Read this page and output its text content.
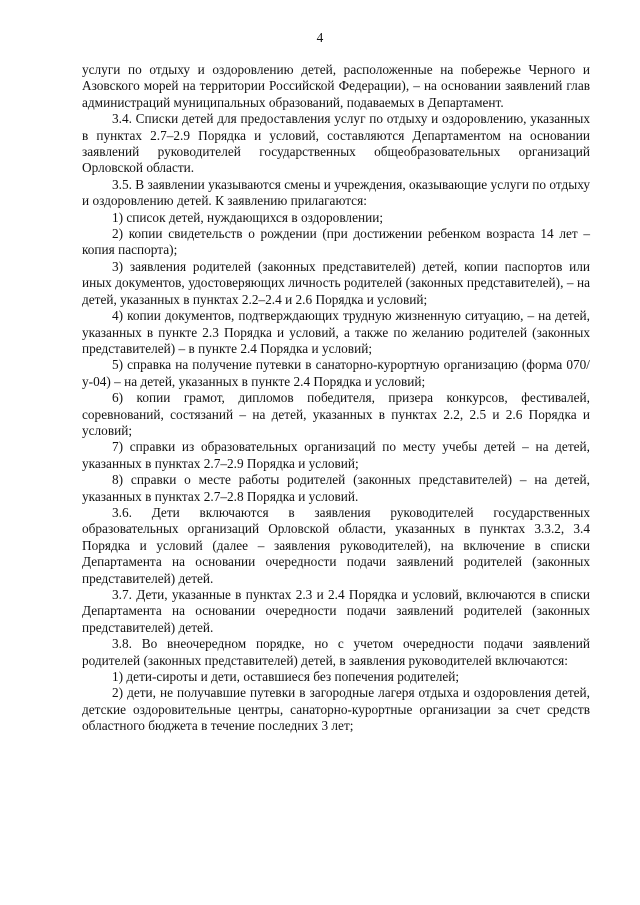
4

услуги по отдыху и оздоровлению детей, расположенные на побережье Черного и Азовского морей на территории Российской Федерации), – на основании заявлений глав администраций муниципальных образований, подаваемых в Департамент.

3.4. Списки детей для предоставления услуг по отдыху и оздоровлению, указанных в пунктах 2.7–2.9 Порядка и условий, составляются Департаментом на основании заявлений руководителей государственных общеобразовательных организаций Орловской области.

3.5. В заявлении указываются смены и учреждения, оказывающие услуги по отдыху и оздоровлению детей. К заявлению прилагаются:

1) список детей, нуждающихся в оздоровлении;

2) копии свидетельств о рождении (при достижении ребенком возраста 14 лет – копия паспорта);

3) заявления родителей (законных представителей) детей, копии паспортов или иных документов, удостоверяющих личность родителей (законных представителей), – на детей, указанных в пунктах 2.2–2.4 и 2.6 Порядка и условий;

4) копии документов, подтверждающих трудную жизненную ситуацию, – на детей, указанных в пункте 2.3 Порядка и условий, а также по желанию родителей (законных представителей) – в пункте 2.4 Порядка и условий;

5) справка на получение путевки в санаторно-курортную организацию (форма 070/у-04) – на детей, указанных в пункте 2.4 Порядка и условий;

6) копии грамот, дипломов победителя, призера конкурсов, фестивалей, соревнований, состязаний – на детей, указанных в пунктах 2.2, 2.5 и 2.6 Порядка и условий;

7) справки из образовательных организаций по месту учебы детей – на детей, указанных в пунктах 2.7–2.9 Порядка и условий;

8) справки о месте работы родителей (законных представителей) – на детей, указанных в пунктах 2.7–2.8 Порядка и условий.

3.6. Дети включаются в заявления руководителей государственных образовательных организаций Орловской области, указанных в пунктах 3.3.2, 3.4 Порядка и условий (далее – заявления руководителей), на включение в списки Департамента на основании очередности подачи заявлений родителей (законных представителей) детей.

3.7. Дети, указанные в пунктах 2.3 и 2.4 Порядка и условий, включаются в списки Департамента на основании очередности подачи заявлений родителей (законных представителей) детей.

3.8. Во внеочередном порядке, но с учетом очередности подачи заявлений родителей (законных представителей) детей, в заявления руководителей включаются:

1) дети-сироты и дети, оставшиеся без попечения родителей;

2) дети, не получавшие путевки в загородные лагеря отдыха и оздоровления детей, детские оздоровительные центры, санаторно-курортные организации за счет средств областного бюджета в течение последних 3 лет;
